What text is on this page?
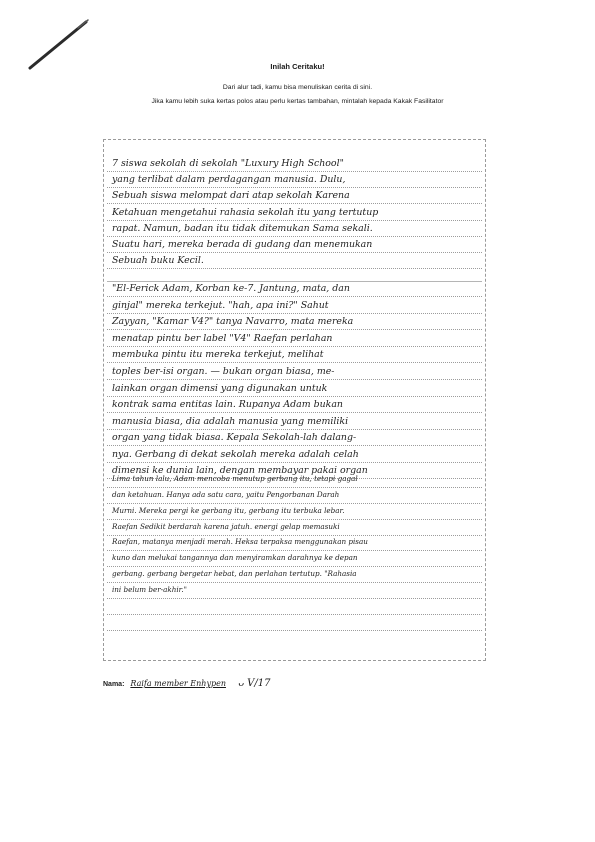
Inilah Ceritaku!
Dari alur tadi, kamu bisa menuliskan cerita di sini.
Jika kamu lebih suka kertas polos atau perlu kertas tambahan, mintalah kepada Kakak Fasilitator
7 siswa sekolah di sekolah "Luxury High School"
yang terlibat dalam perdagangan manusia. Dulu,
Sebuah siswa melompat dari atap sekolah Karena
Ketahuan mengetahui rahasia sekolah itu yang tertutup
rapat. Namun, badan itu tidak ditemukan Sama sekali.
Suatu hari, mereka berada di gudang dan menemukan
Sebuah buku Kecil.
"El-Ferick Adam, Korban ke-7. Jantung, mata, dan
ginjal" mereka terkejut. "hah, apa ini?" Sahut
Zayyan, "Kamar V4?" tanya Navarro, mata mereka
menatap pintu ber label "V4" Raefan perlahan
membuka pintu itu mereka terkejut, melihat
toples ber-isi organ. — bukan organ biasa, me-
lainkan organ dimensi yang digunakan untuk
kontrak sama entitas lain. Rupanya Adam bukan
manusia biasa, dia adalah manusia yang memiliki
organ yang tidak biasa. Kepala Sekolah-lah dalang-
nya. Gerbang di dekat sekolah mereka adalah celah
dimensi ke dunia lain, dengan membayar pakai organ
Lima tahun lalu, Adam mencoba menutup gerbang itu, tetapi gagal
dan ketahuan. Hanya ada satu cara, yaitu Pengorbanan Darah
Murni. Mereka pergi ke gerbang itu, gerbang itu terbuka lebar.
Raefan Sedikit berdarah karena jatuh. energi gelap memasuki
Raefan, matanya menjadi merah. Heksa terpaksa menggunakan pisau
kuno dan melukai tangannya dan menyiramkan darahnya ke depan
gerbang. gerbang bergetar hebat, dan perlahan tertutup. "Rahasia
ini belum ber-akhir."
Nama: Raifa member Enhypen ᴗ V/17
